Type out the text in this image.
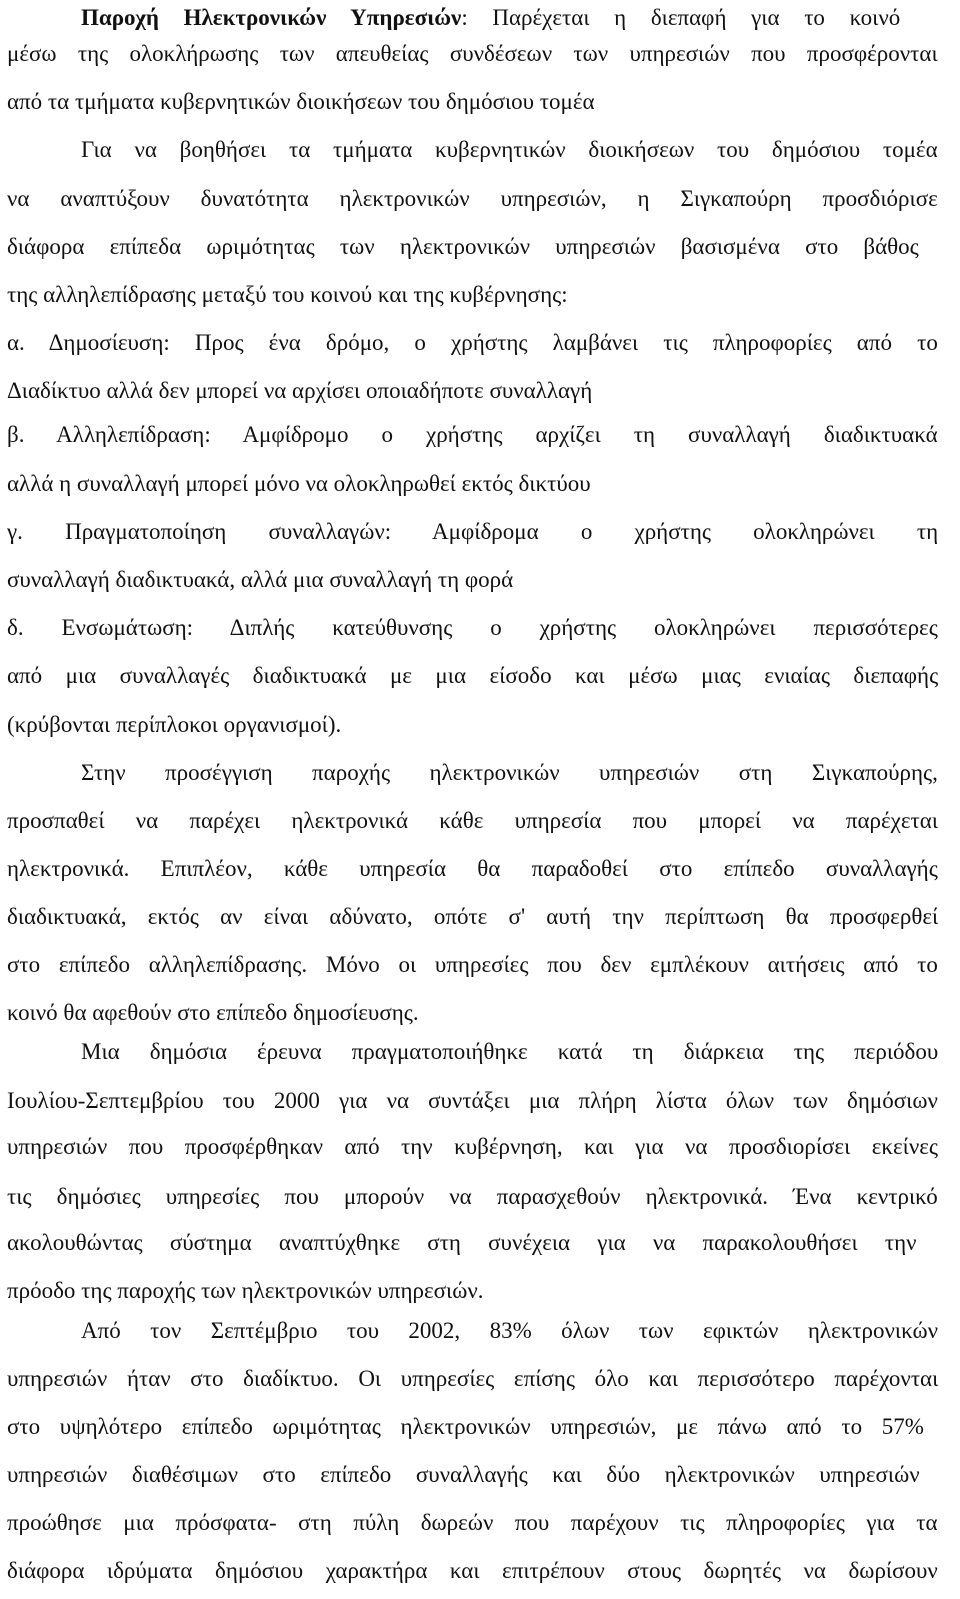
Παροχή Ηλεκτρονικών Υπηρεσιών: Παρέχεται η διεπαφή για το κοινό
μέσω της ολοκλήρωσης των απευθείας συνδέσεων των υπηρεσιών που προσφέρονται
από τα τμήματα κυβερνητικών διοικήσεων του δημόσιου τομέα
Για να βοηθήσει τα τμήματα κυβερνητικών διοικήσεων του δημόσιου τομέα
να αναπτύξουν δυνατότητα ηλεκτρονικών υπηρεσιών, η Σιγκαπούρη προσδιόρισε
διάφορα επίπεδα ωριμότητας των ηλεκτρονικών υπηρεσιών βασισμένα στο βάθος
της αλληλεπίδρασης μεταξύ του κοινού και της κυβέρνησης:
α. Δημοσίευση: Προς ένα δρόμο, ο χρήστης λαμβάνει τις πληροφορίες από το
Διαδίκτυο αλλά δεν μπορεί να αρχίσει οποιαδήποτε συναλλαγή
β. Αλληλεπίδραση: Αμφίδρομο ο χρήστης αρχίζει τη συναλλαγή διαδικτυακά
αλλά η συναλλαγή μπορεί μόνο να ολοκληρωθεί εκτός δικτύου
γ. Πραγματοποίηση συναλλαγών: Αμφίδρομα ο χρήστης ολοκληρώνει τη
συναλλαγή διαδικτυακά, αλλά μια συναλλαγή τη φορά
δ. Ενσωμάτωση: Διπλής κατεύθυνσης ο χρήστης ολοκληρώνει περισσότερες
από μια συναλλαγές διαδικτυακά με μια είσοδο και μέσω μιας ενιαίας διεπαφής
(κρύβονται περίπλοκοι οργανισμοί).
Στην προσέγγιση παροχής ηλεκτρονικών υπηρεσιών στη Σιγκαπούρης,
προσπαθεί να παρέχει ηλεκτρονικά κάθε υπηρεσία που μπορεί να παρέχεται
ηλεκτρονικά. Επιπλέον, κάθε υπηρεσία θα παραδοθεί στο επίπεδο συναλλαγής
διαδικτυακά, εκτός αν είναι αδύνατο, οπότε σ' αυτή την περίπτωση θα προσφερθεί
στο επίπεδο αλληλεπίδρασης. Μόνο οι υπηρεσίες που δεν εμπλέκουν αιτήσεις από το
κοινό θα αφεθούν στο επίπεδο δημοσίευσης.
Μια δημόσια έρευνα πραγματοποιήθηκε κατά τη διάρκεια της περιόδου
Ιουλίου-Σεπτεμβρίου του 2000 για να συντάξει μια πλήρη λίστα όλων των δημόσιων
υπηρεσιών που προσφέρθηκαν από την κυβέρνηση, και για να προσδιορίσει εκείνες
τις δημόσιες υπηρεσίες που μπορούν να παρασχεθούν ηλεκτρονικά. Ένα κεντρικό
ακολουθώντας σύστημα αναπτύχθηκε στη συνέχεια για να παρακολουθήσει την
πρόοδο της παροχής των ηλεκτρονικών υπηρεσιών.
Από τον Σεπτέμβριο του 2002, 83% όλων των εφικτών ηλεκτρονικών
υπηρεσιών ήταν στο διαδίκτυο. Οι υπηρεσίες επίσης όλο και περισσότερο παρέχονται
στο υψηλότερο επίπεδο ωριμότητας ηλεκτρονικών υπηρεσιών, με πάνω από το 57%
υπηρεσιών διαθέσιμων στο επίπεδο συναλλαγής και δύο ηλεκτρονικών υπηρεσιών
προώθησε μια πρόσφατα- στη πύλη δωρεών που παρέχουν τις πληροφορίες για τα
διάφορα ιδρύματα δημόσιου χαρακτήρα και επιτρέπουν στους δωρητές να δωρίσουν
